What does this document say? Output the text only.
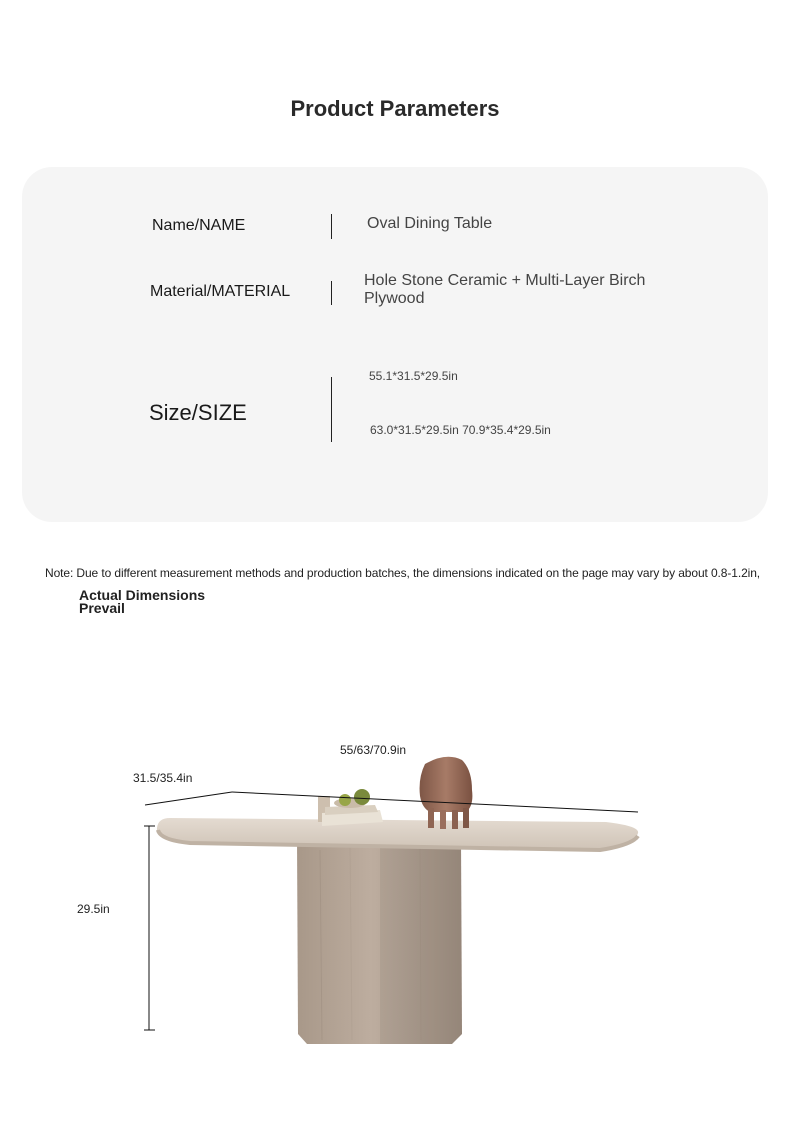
Product Parameters
Name/NAME	Oval Dining Table
Material/MATERIAL
Hole Stone Ceramic + Multi-Layer Birch
Plywood
Size/SIZE
55.1*31.5*29.5in
63.0*31.5*29.5in 70.9*35.4*29.5in
Note: Due to different measurement methods and production batches, the dimensions indicated on the page may vary by about 0.8-1.2in,
Actual Dimensions
Prevail
55/63/70.9in
31.5/35.4in
29.5in
